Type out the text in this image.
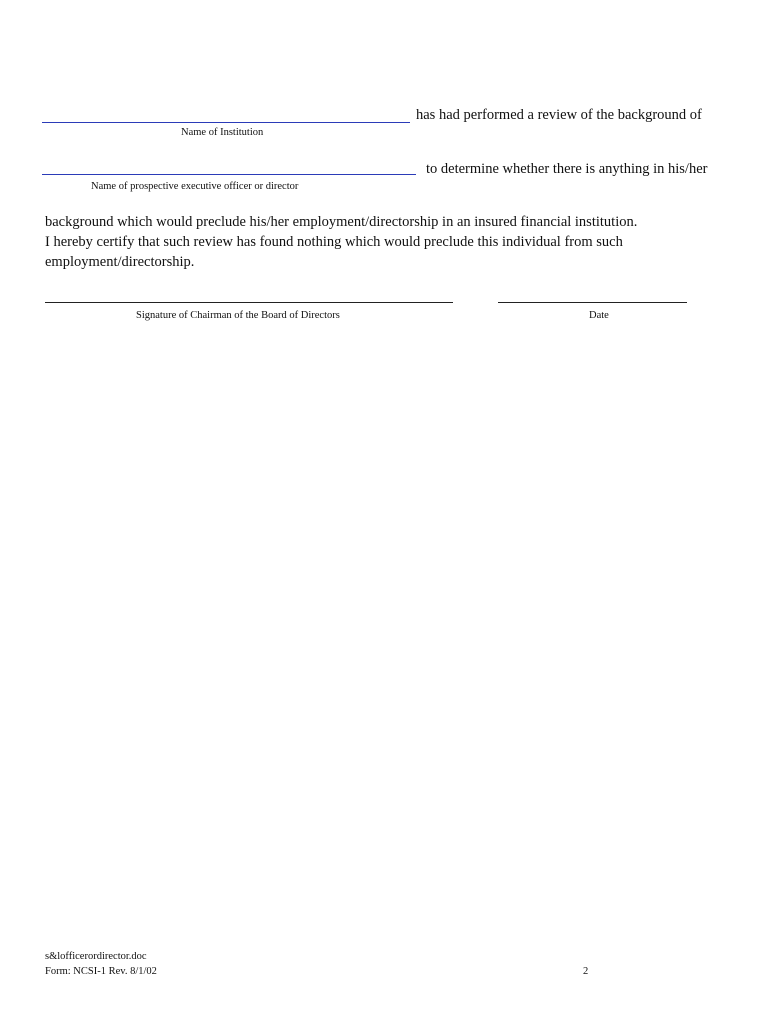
has had performed a review of the background of
Name of Institution
to determine whether there is anything in his/her
Name of prospective executive officer or director
background which would preclude his/her employment/directorship in an insured financial institution.
I hereby certify that such review has found nothing which would preclude this individual from such
employment/directorship.
Signature of Chairman of the Board of Directors	Date
s&lofficerordirector.doc
Form: NCSI-1 Rev. 8/1/02	2
